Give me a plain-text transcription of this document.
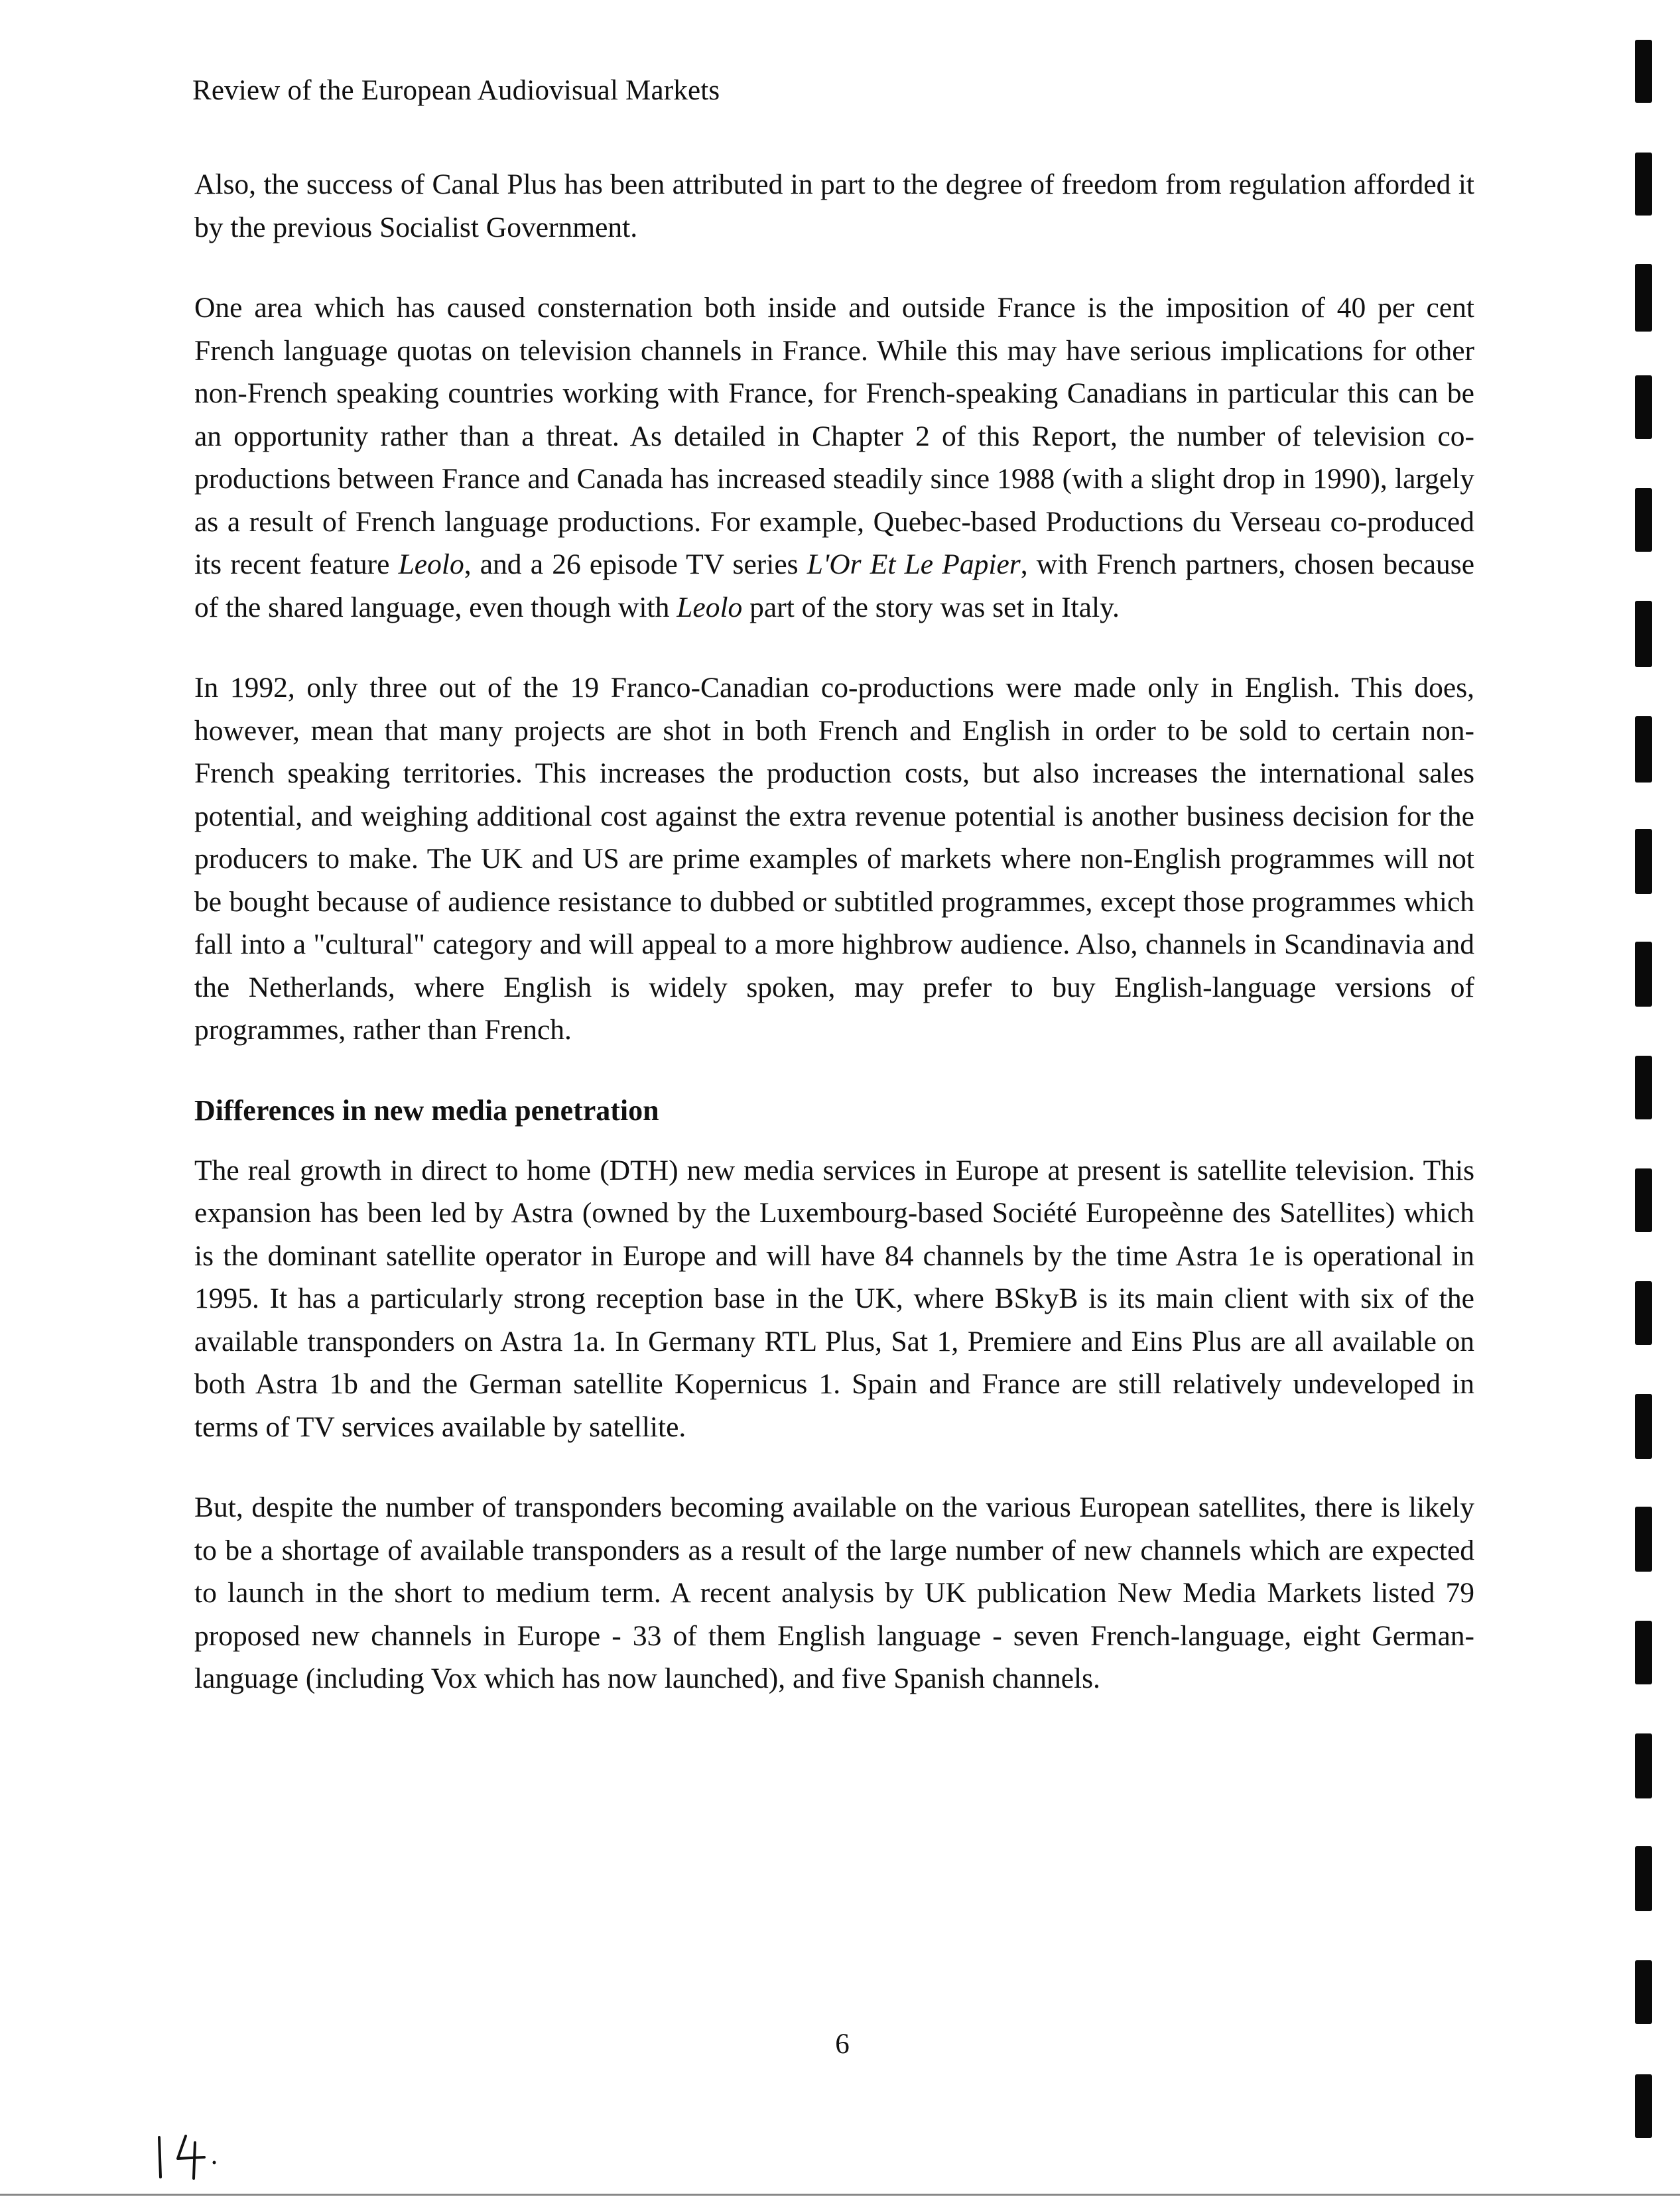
Review of the European Audiovisual Markets

Also, the success of Canal Plus has been attributed in part to the degree of freedom from regulation afforded it by the previous Socialist Government.

One area which has caused consternation both inside and outside France is the imposition of 40 per cent French language quotas on television channels in France. While this may have serious implications for other non-French speaking countries working with France, for French-speaking Canadians in particular this can be an opportunity rather than a threat. As detailed in Chapter 2 of this Report, the number of television co-productions between France and Canada has increased steadily since 1988 (with a slight drop in 1990), largely as a result of French language productions. For example, Quebec-based Productions du Verseau co-produced its recent feature Leolo, and a 26 episode TV series L'Or Et Le Papier, with French partners, chosen because of the shared language, even though with Leolo part of the story was set in Italy.

In 1992, only three out of the 19 Franco-Canadian co-productions were made only in English. This does, however, mean that many projects are shot in both French and English in order to be sold to certain non-French speaking territories. This increases the production costs, but also increases the international sales potential, and weighing additional cost against the extra revenue potential is another business decision for the producers to make. The UK and US are prime examples of markets where non-English programmes will not be bought because of audience resistance to dubbed or subtitled programmes, except those programmes which fall into a "cultural" category and will appeal to a more highbrow audience. Also, channels in Scandinavia and the Netherlands, where English is widely spoken, may prefer to buy English-language versions of programmes, rather than French.

Differences in new media penetration

The real growth in direct to home (DTH) new media services in Europe at present is satellite television. This expansion has been led by Astra (owned by the Luxembourg-based Société Europeènne des Satellites) which is the dominant satellite operator in Europe and will have 84 channels by the time Astra 1e is operational in 1995. It has a particularly strong reception base in the UK, where BSkyB is its main client with six of the available transponders on Astra 1a. In Germany RTL Plus, Sat 1, Premiere and Eins Plus are all available on both Astra 1b and the German satellite Kopernicus 1. Spain and France are still relatively undeveloped in terms of TV services available by satellite.

But, despite the number of transponders becoming available on the various European satellites, there is likely to be a shortage of available transponders as a result of the large number of new channels which are expected to launch in the short to medium term. A recent analysis by UK publication New Media Markets listed 79 proposed new channels in Europe - 33 of them English language - seven French-language, eight German-language (including Vox which has now launched), and five Spanish channels.

6
